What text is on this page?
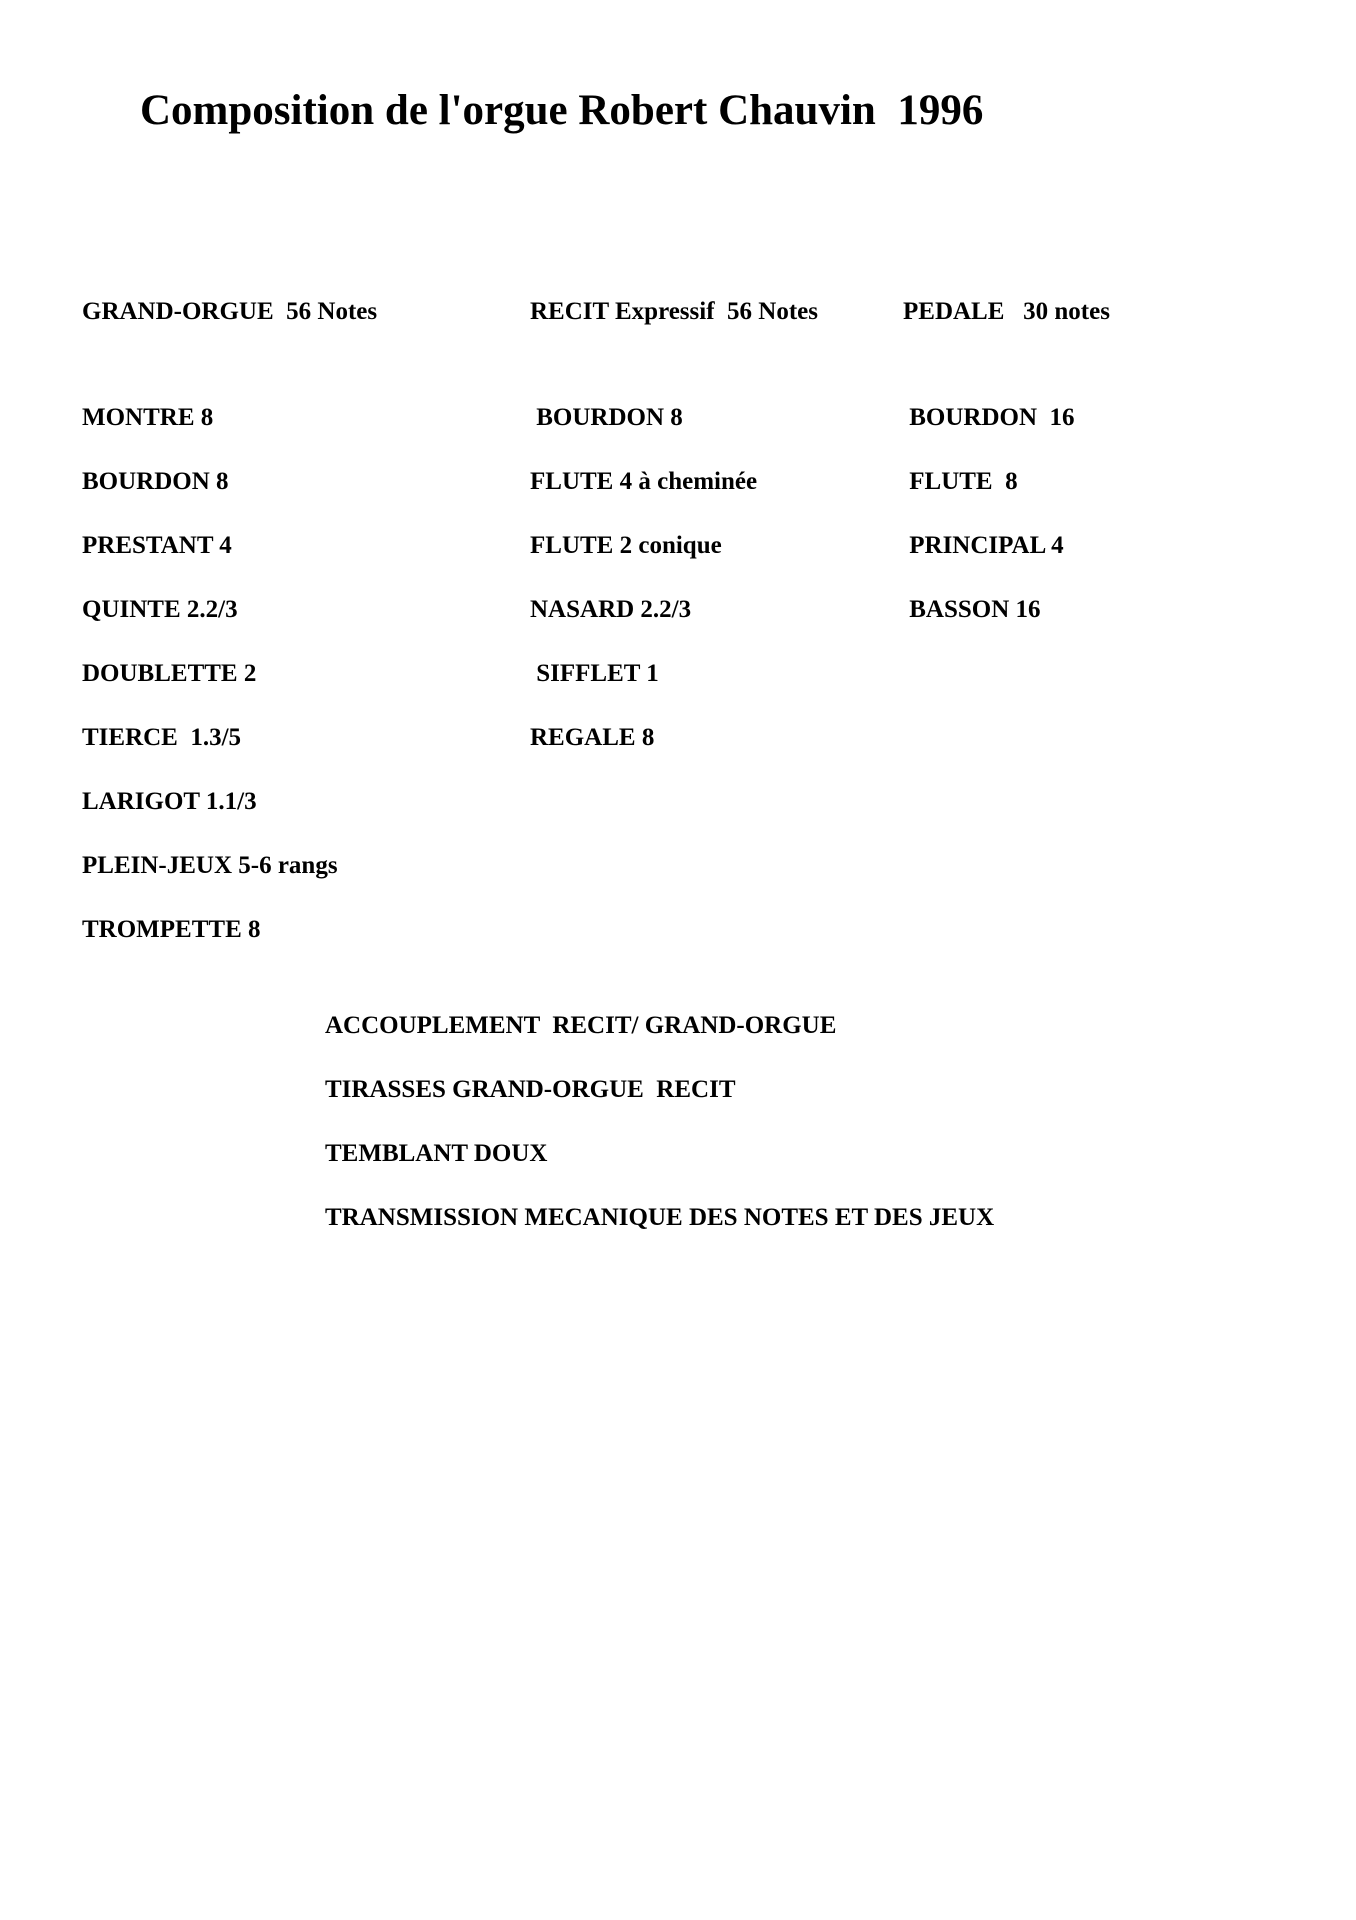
Composition de l'orgue Robert Chauvin  1996

GRAND-ORGUE  56 Notes

MONTRE 8
BOURDON 8
PRESTANT 4
QUINTE 2.2/3
DOUBLETTE 2
TIERCE  1.3/5
LARIGOT 1.1/3
PLEIN-JEUX 5-6 rangs
TROMPETTE 8

RECIT Expressif  56 Notes

BOURDON 8
FLUTE 4 à cheminée
FLUTE 2 conique
NASARD 2.2/3
SIFFLET 1
REGALE 8

PEDALE   30 notes

BOURDON  16
FLUTE  8
PRINCIPAL 4
BASSON 16
ACCOUPLEMENT  RECIT/ GRAND-ORGUE
TIRASSES GRAND-ORGUE  RECIT
TEMBLANT DOUX
TRANSMISSION MECANIQUE DES NOTES ET DES JEUX
